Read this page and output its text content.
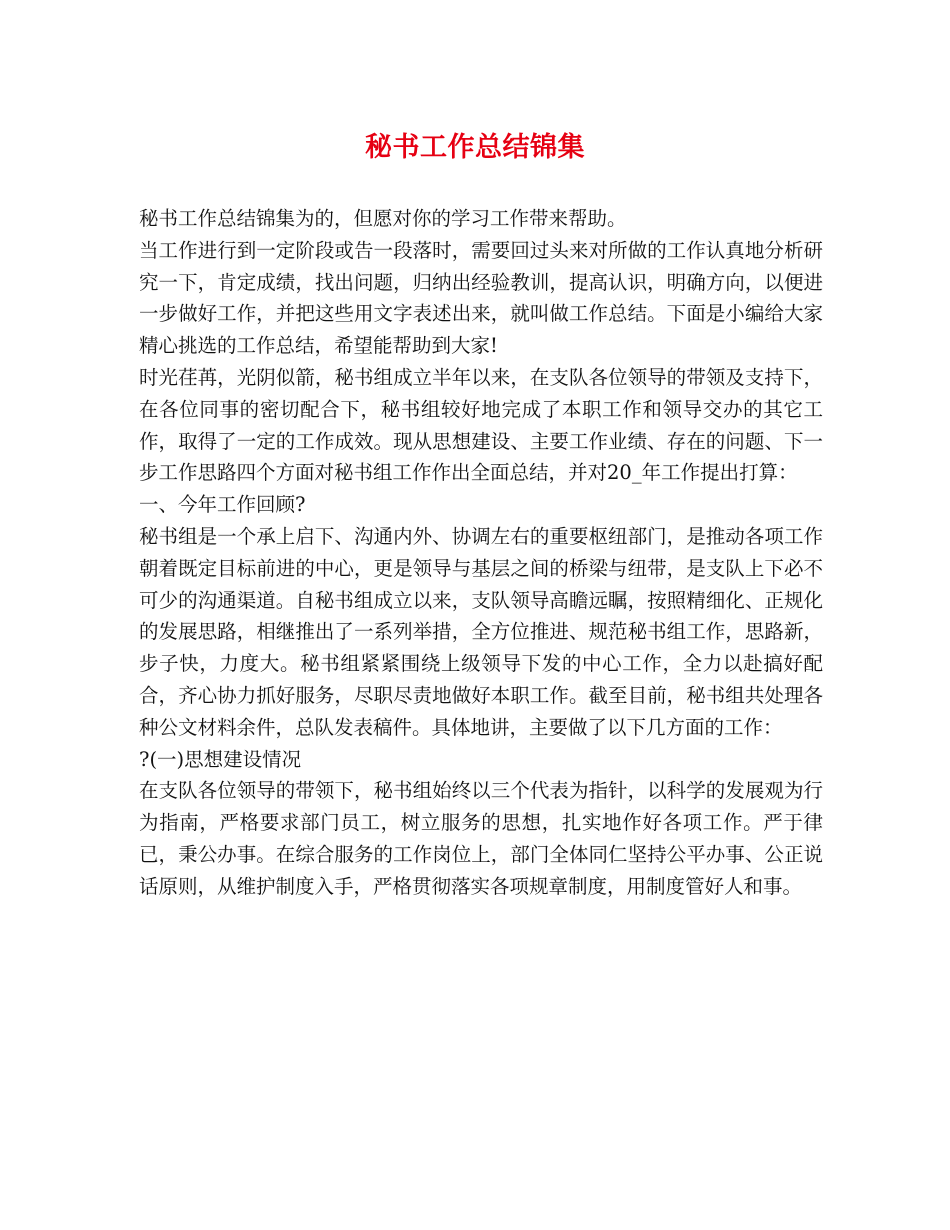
秘书工作总结锦集

秘书工作总结锦集为的，但愿对你的学习工作带来帮助。

当工作进行到一定阶段或告一段落时，需要回过头来对所做的工作认真地分析研究一下，肯定成绩，找出问题，归纳出经验教训，提高认识，明确方向，以便进一步做好工作，并把这些用文字表述出来，就叫做工作总结。下面是小编给大家精心挑选的工作总结，希望能帮助到大家!

时光荏苒，光阴似箭，秘书组成立半年以来，在支队各位领导的带领及支持下，在各位同事的密切配合下，秘书组较好地完成了本职工作和领导交办的其它工作，取得了一定的工作成效。现从思想建设、主要工作业绩、存在的问题、下一步工作思路四个方面对秘书组工作作出全面总结，并对20_年工作提出打算：

一、今年工作回顾?

秘书组是一个承上启下、沟通内外、协调左右的重要枢纽部门，是推动各项工作朝着既定目标前进的中心，更是领导与基层之间的桥梁与纽带，是支队上下必不可少的沟通渠道。自秘书组成立以来，支队领导高瞻远瞩，按照精细化、正规化的发展思路，相继推出了一系列举措，全方位推进、规范秘书组工作，思路新，步子快，力度大。秘书组紧紧围绕上级领导下发的中心工作，全力以赴搞好配合，齐心协力抓好服务，尽职尽责地做好本职工作。截至目前，秘书组共处理各种公文材料余件，总队发表稿件。具体地讲，主要做了以下几方面的工作：

?(一)思想建设情况

在支队各位领导的带领下，秘书组始终以三个代表为指针，以科学的发展观为行为指南，严格要求部门员工，树立服务的思想，扎实地作好各项工作。严于律已，秉公办事。在综合服务的工作岗位上，部门全体同仁坚持公平办事、公正说话原则，从维护制度入手，严格贯彻落实各项规章制度，用制度管好人和事。
